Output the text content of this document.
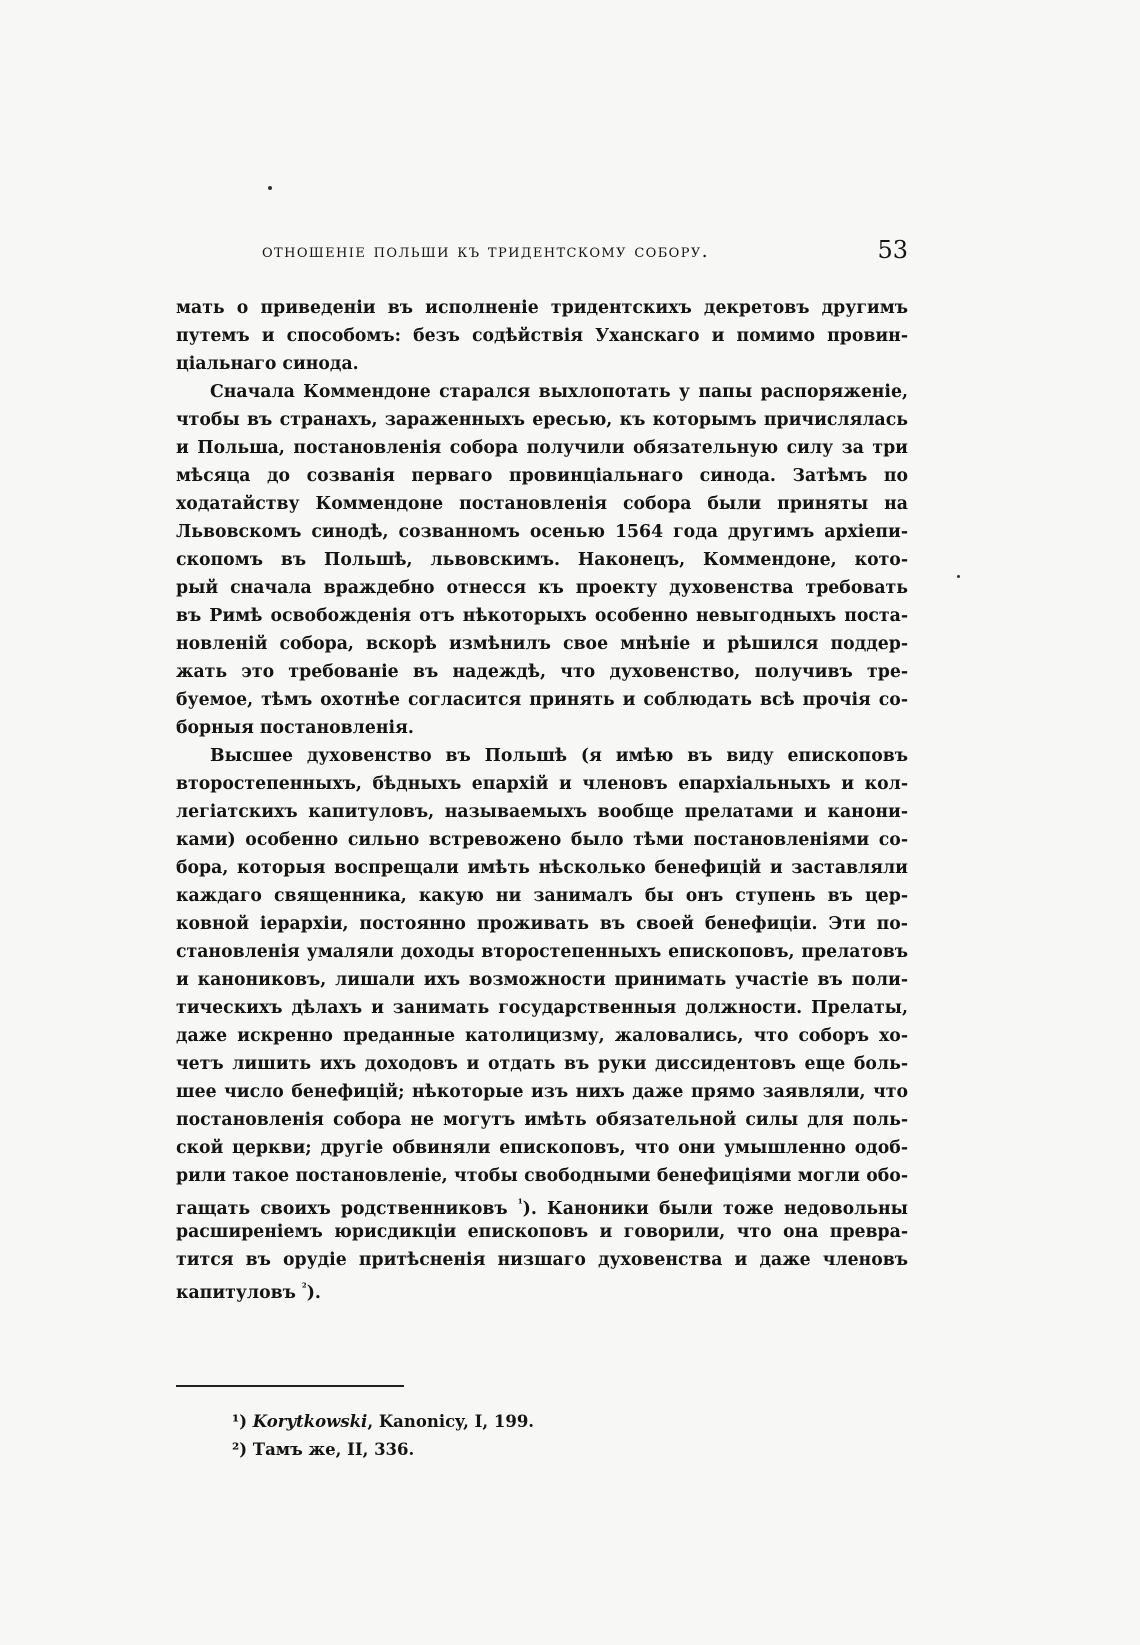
отношенiе польши къ тридентскому собору.	53
мать о приведенiи въ исполненiе тридентскихъ декретовъ другимъ
путемъ и способомъ: безъ содѣйствiя Уханскаго и помимо провин-
цiальнаго синода.
Сначала Коммендоне старался выхлопотать у папы распоряженiе,
чтобы въ странахъ, зараженныхъ ересью, къ которымъ причислялась
и Польша, постановленiя собора получили обязательную силу за три
мѣсяца до созванiя перваго провинцiальнаго синода. Затѣмъ по
ходатайству Коммендоне постановленiя собора были приняты на
Львовскомъ синодѣ, созванномъ осенью 1564 года другимъ архiепи-
скопомъ въ Польшѣ, львовскимъ. Наконецъ, Коммендоне, кото-
рый сначала враждебно отнесся къ проекту духовенства требовать
въ Римѣ освобожденiя отъ нѣкоторыхъ особенно невыгодныхъ поста-
новленiй собора, вскорѣ измѣнилъ свое мнѣнiе и рѣшился поддер-
жать это требованiе въ надеждѣ, что духовенство, получивъ тре-
буемое, тѣмъ охотнѣе согласится принять и соблюдать всѣ прочiя со-
борныя постановленiя.
Высшее духовенство въ Польшѣ (я имѣю въ виду епископовъ
второстепенныхъ, бѣдныхъ епархiй и членовъ епархiальныхъ и кол-
легiатскихъ капитуловъ, называемыхъ вообще прелатами и канони-
ками) особенно сильно встревожено было тѣми постановленiями со-
бора, которыя воспрещали имѣть нѣсколько бенефицiй и заставляли
каждаго священника, какую ни занималъ бы онъ ступень въ цер-
ковной iерархiи, постоянно проживать въ своей бенефицiи. Эти по-
становленiя умаляли доходы второстепенныхъ епископовъ, прелатовъ
и канониковъ, лишали ихъ возможности принимать участiе въ поли-
тическихъ дѣлахъ и занимать государственныя должности. Прелаты,
даже искренно преданные католицизму, жаловались, что соборъ хо-
четъ лишить ихъ доходовъ и отдать въ руки диссидентовъ еще боль-
шее число бенефицiй; нѣкоторые изъ нихъ даже прямо заявляли, что
постановленiя собора не могутъ имѣть обязательной силы для поль-
ской церкви; другiе обвиняли епископовъ, что они умышленно одоб-
рили такое постановленiе, чтобы свободными бенефицiями могли обо-
гащать своихъ родственниковъ $^{^1}$). Каноники были тоже недовольны
расширенiемъ юрисдикцiи епископовъ и говорили, что она превра-
тится въ орудiе притѣсненiя низшаго духовенства и даже членовъ
капитуловъ $^{^2}$).
¹) Korytkowski, Kanonicy, I, 199.
²) Тамъ же, II, 336.
